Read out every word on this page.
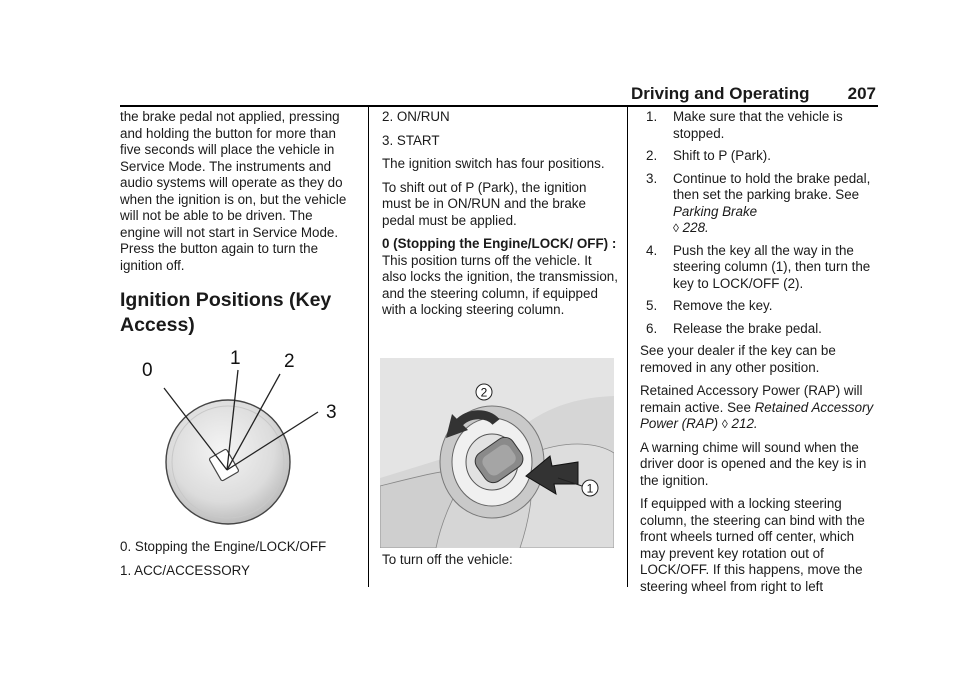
Driving and Operating 207

the brake pedal not applied, pressing and holding the button for more than five seconds will place the vehicle in Service Mode. The instruments and audio systems will operate as they do when the ignition is on, but the vehicle will not be able to be driven. The engine will not start in Service Mode. Press the button again to turn the ignition off.

Ignition Positions (Key
Access)

0. Stopping the Engine/LOCK/OFF

1. ACC/ACCESSORY

0
1 2
3

2. ON/RUN

3. START

The ignition switch has four positions.

To shift out of P (Park), the ignition must be in ON/RUN and the brake pedal must be applied.

0 (Stopping the Engine/LOCK/ OFF) : This position turns off the vehicle. It also locks the ignition, the transmission, and the steering column, if equipped with a locking steering column.

To turn off the vehicle:

2
1
1. Make sure that the vehicle is stopped.
2. Shift to P (Park).
3. Continue to hold the brake pedal, then set the parking brake. See Parking Brake
◊ 228.
4. Push the key all the way in the steering column (1), then turn the key to LOCK/OFF (2).
5. Remove the key.
6. Release the brake pedal.

See your dealer if the key can be removed in any other position.

Retained Accessory Power (RAP) will remain active. See Retained Accessory Power (RAP) ◊ 212.

A warning chime will sound when the driver door is opened and the key is in the ignition.

If equipped with a locking steering column, the steering can bind with the front wheels turned off center, which may prevent key rotation out of LOCK/OFF. If this happens, move the steering wheel from right to left
